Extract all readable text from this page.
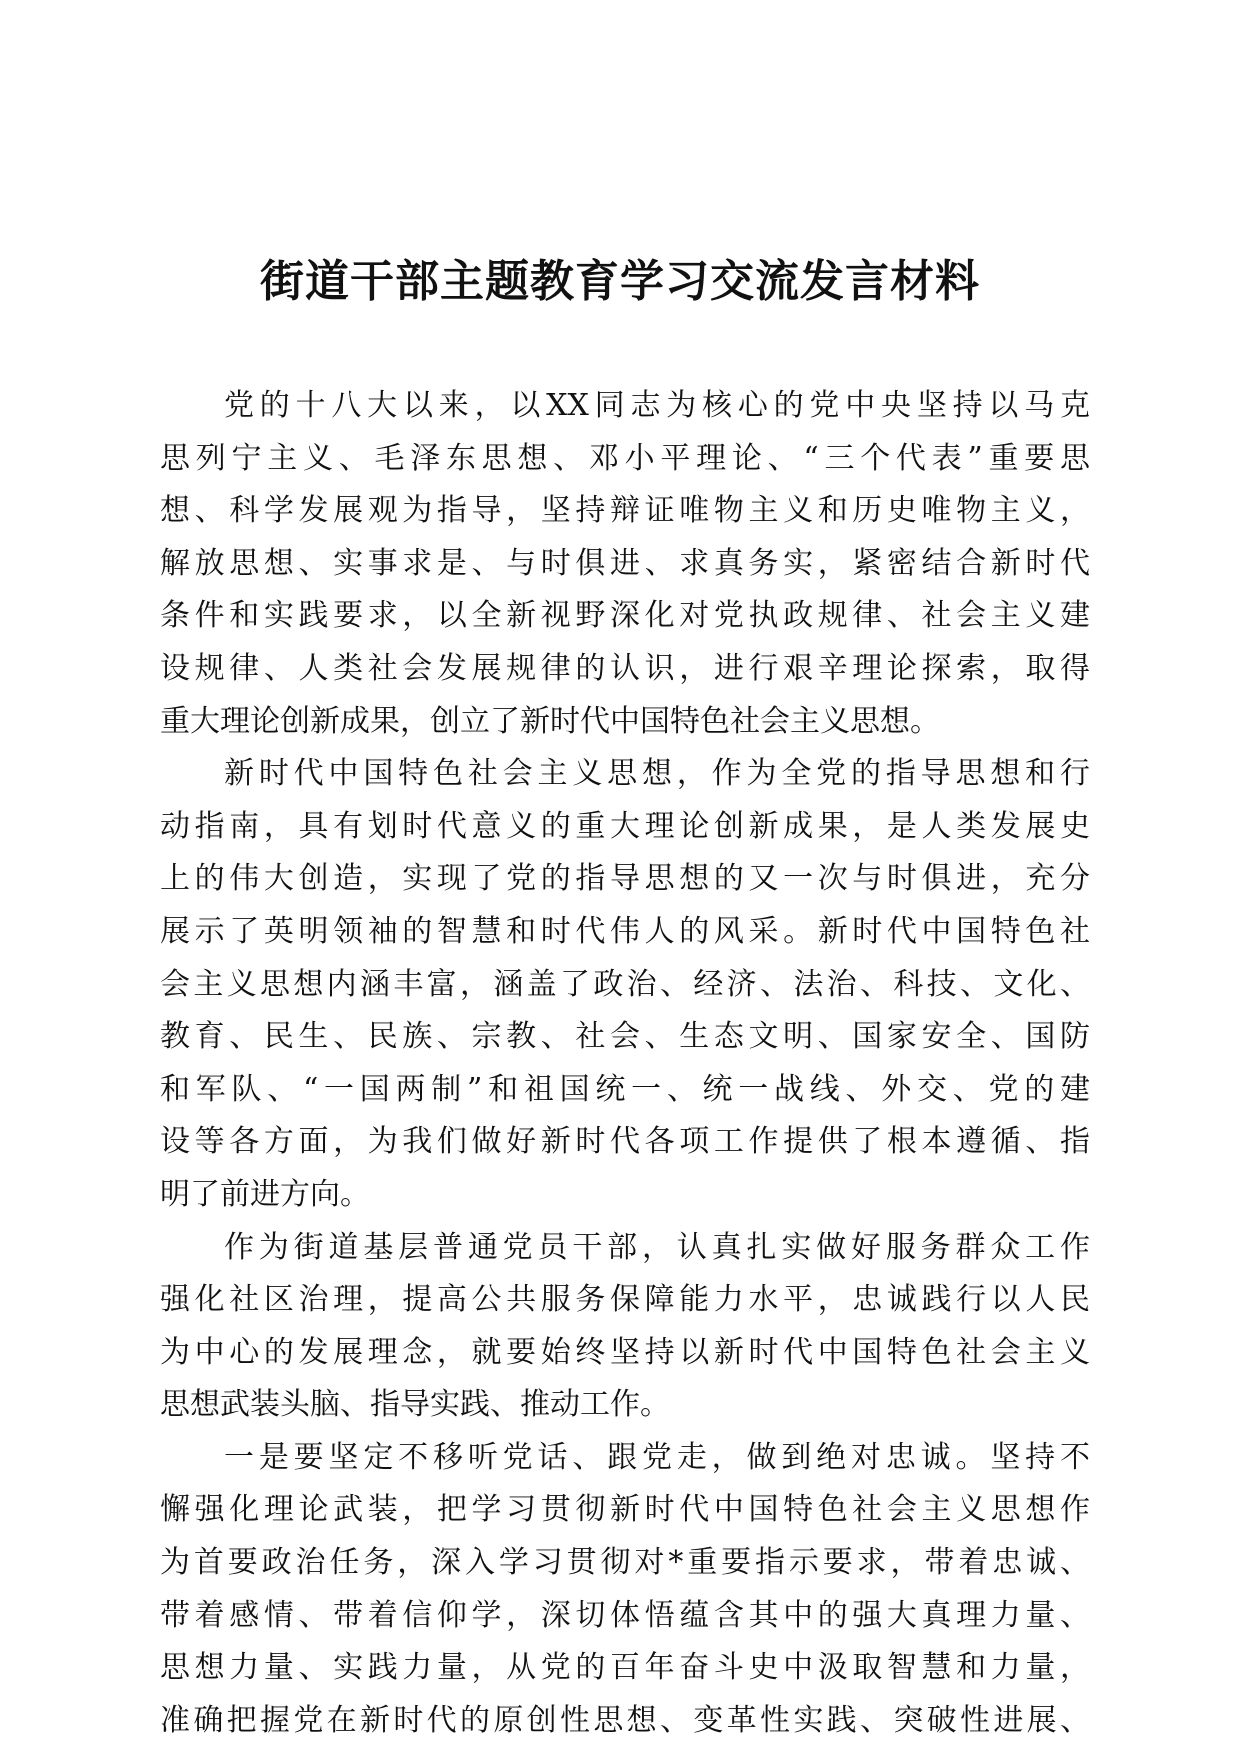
街道干部主题教育学习交流发言材料
党的十八大以来，以XX同志为核心的党中央坚持以马克
思列宁主义、毛泽东思想、邓小平理论、“三个代表”重要思
想、科学发展观为指导，坚持辩证唯物主义和历史唯物主义，
解放思想、实事求是、与时俱进、求真务实，紧密结合新时代
条件和实践要求，以全新视野深化对党执政规律、社会主义建
设规律、人类社会发展规律的认识，进行艰辛理论探索，取得
重大理论创新成果，创立了新时代中国特色社会主义思想。
新时代中国特色社会主义思想，作为全党的指导思想和行
动指南，具有划时代意义的重大理论创新成果，是人类发展史
上的伟大创造，实现了党的指导思想的又一次与时俱进，充分
展示了英明领袖的智慧和时代伟人的风采。新时代中国特色社
会主义思想内涵丰富，涵盖了政治、经济、法治、科技、文化、
教育、民生、民族、宗教、社会、生态文明、国家安全、国防
和军队、“一国两制”和祖国统一、统一战线、外交、党的建
设等各方面，为我们做好新时代各项工作提供了根本遵循、指
明了前进方向。
作为街道基层普通党员干部，认真扎实做好服务群众工作
强化社区治理，提高公共服务保障能力水平，忠诚践行以人民
为中心的发展理念，就要始终坚持以新时代中国特色社会主义
思想武装头脑、指导实践、推动工作。
一是要坚定不移听党话、跟党走，做到绝对忠诚。坚持不
懈强化理论武装，把学习贯彻新时代中国特色社会主义思想作
为首要政治任务，深入学习贯彻对*重要指示要求，带着忠诚、
带着感情、带着信仰学，深切体悟蕴含其中的强大真理力量、
思想力量、实践力量，从党的百年奋斗史中汲取智慧和力量，
准确把握党在新时代的原创性思想、变革性实践、突破性进展、
